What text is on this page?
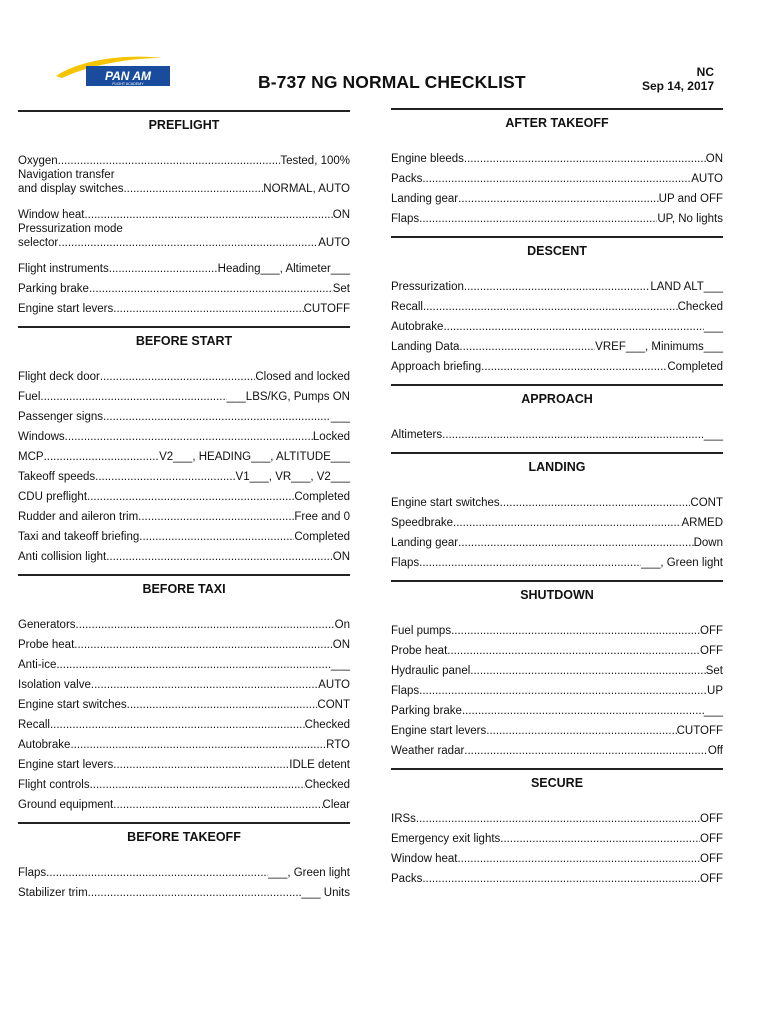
PAN AM
FLIGHT ACADEMY	B-737 NG NORMAL CHECKLIST	NC
Sep 14, 2017
PREFLIGHT
Oxygen .....	Tested, 100%
Navigation transfer
and display switches .....	NORMAL, AUTO
Window heat .....	ON
Pressurization mode
selector .....	AUTO
Flight instruments .....	Heading___, Altimeter___
Parking brake .....	Set
Engine start levers .....	CUTOFF
BEFORE START
Flight deck door .....	Closed and locked
Fuel .....	___LBS/KG, Pumps ON
Passenger signs .....	___
Windows .....	Locked
MCP .....	V2___, HEADING___, ALTITUDE___
Takeoff speeds .....	V1___, VR___, V2___
CDU preflight .....	Completed
Rudder and aileron trim .....	Free and 0
Taxi and takeoff briefing .....	Completed
Anti collision light .....	ON
BEFORE TAXI
Generators .....	On
Probe heat .....	ON
Anti-ice .....	___
Isolation valve .....	AUTO
Engine start switches .....	CONT
Recall .....	Checked
Autobrake .....	RTO
Engine start levers .....	IDLE detent
Flight controls .....	Checked
Ground equipment .....	Clear
BEFORE TAKEOFF
Flaps .....	___, Green light
Stabilizer trim .....	___ Units
AFTER TAKEOFF
Engine bleeds .....	ON
Packs .....	AUTO
Landing gear .....	UP and OFF
Flaps .....	UP, No lights
DESCENT
Pressurization .....	LAND ALT___
Recall .....	Checked
Autobrake .....	___
Landing Data .....	VREF___, Minimums___
Approach briefing .....	Completed
APPROACH
Altimeters .....	___
LANDING
Engine start switches .....	CONT
Speedbrake .....	ARMED
Landing gear .....	Down
Flaps .....	___, Green light
SHUTDOWN
Fuel pumps .....	OFF
Probe heat .....	OFF
Hydraulic panel .....	Set
Flaps .....	UP
Parking brake .....	___
Engine start levers .....	CUTOFF
Weather radar .....	Off
SECURE
IRSs .....	OFF
Emergency exit lights .....	OFF
Window heat .....	OFF
Packs .....	OFF
